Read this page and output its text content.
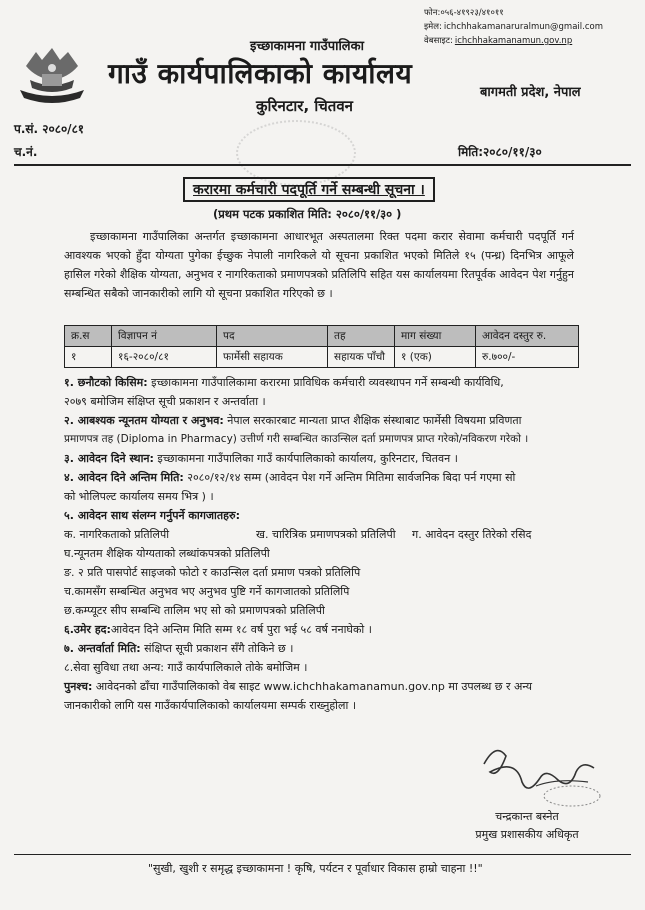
फोन:०५६-४१९२३/४१०११
इमेल: ichchhakamanaruralmun@gmail.com
वेबसाइट: ichchhakamanamun.gov.np
इच्छाकामना गाउँपालिका
गाउँ कार्यपालिकाको कार्यालय
कुरिनटार, चितवन
बागमती प्रदेश, नेपाल
प.सं. २०८०/८१
च.नं.	मिति:२०८०/११/३०
करारमा कर्मचारी पदपूर्ति गर्ने सम्बन्धी सूचना ।
(प्रथम पटक प्रकाशित मिति: २०८०/११/३० )
इच्छाकामना गाउँपालिका अन्तर्गत इच्छाकामना आधारभूत अस्पतालमा रिक्त पदमा करार सेवामा कर्मचारी पदपूर्ति गर्न आवश्यक भएको हुँदा योग्यता पुगेका ईच्छुक नेपाली नागरिकले यो सूचना प्रकाशित भएको मितिले १५ (पन्ध्र) दिनभित्र आफूले हासिल गरेको शैक्षिक योग्यता, अनुभव र नागरिकताको प्रमाणपत्रको प्रतिलिपि सहित यस कार्यालयमा रितपूर्वक आवेदन पेश गर्नुहुन सम्बन्धित सबैको जानकारीको लागि यो सूचना प्रकाशित गरिएको छ ।
क्र.स	विज्ञापन नं	पद	तह	माग संख्या	आवेदन दस्तुर रु.
१	१६-२०८०/८१	फार्मेसी सहायक	सहायक पाँचौ	१ (एक)	रु.७००/-
१. छनौटको किसिम: इच्छाकामना गाउँपालिकामा करारमा प्राविधिक कर्मचारी व्यवस्थापन गर्ने सम्बन्धी कार्यविधि,
२०७९ बमोजिम संक्षिप्त सूची प्रकाशन र अन्तर्वाता ।
२. आबश्यक न्यूनतम योग्यता र अनुभव: नेपाल सरकारबाट मान्यता प्राप्त शैक्षिक संस्थाबाट फार्मेसी विषयमा प्रविणता
प्रमाणपत्र तह (Diploma in Pharmacy) उत्तीर्ण गरी सम्बन्धित काउन्सिल दर्ता प्रमाणपत्र प्राप्त गरेको/नविकरण गरेको ।
३. आवेदन दिने स्थान: इच्छाकामना गाउँपालिका गाउँ कार्यपालिकाको कार्यालय, कुरिनटार, चितवन ।
४. आवेदन दिने अन्तिम मिति: २०८०/१२/१४ सम्म (आवेदन पेश गर्ने अन्तिम मितिमा सार्वजनिक बिदा पर्न गएमा सो
को भोलिपल्ट कार्यालय समय भित्र ) ।
५. आवेदन साथ संलग्न गर्नुपर्ने कागजातहरु:
क. नागरिकताको प्रतिलिपी	ख. चारित्रिक प्रमाणपत्रको प्रतिलिपी ग. आवेदन दस्तुर तिरेको रसिद
घ.न्यूनतम शैक्षिक योग्यताको लब्धांकपत्रको प्रतिलिपी
ङ. २ प्रति पासपोर्ट साइजको फोटो र काउन्सिल दर्ता प्रमाण पत्रको प्रतिलिपि
च.कामसँग सम्बन्धित अनुभव भए अनुभव पुष्टि गर्ने कागजातको प्रतिलिपि
छ.कम्प्यूटर सीप सम्बन्धि तालिम भए सो को प्रमाणपत्रको प्रतिलिपी
६.उमेर हद:आवेदन दिने अन्तिम मिति सम्म १८ वर्ष पुरा भई ५८ वर्ष ननाघेको ।
७. अन्तर्वार्ता मिति: संक्षिप्त सूची प्रकाशन सँगै तोकिने छ ।
८.सेवा सुविधा तथा अन्य: गाउँ कार्यपालिकाले तोके बमोजिम ।
पुनश्च: आवेदनको ढाँचा गाउँपालिकाको वेब साइट www.ichchhakamanamun.gov.np मा उपलब्ध छ र अन्य
जानकारीको लागि यस गाउँकार्यपालिकाको कार्यालयमा सम्पर्क राख्नुहोला ।
चन्द्रकान्त बस्नेत
प्रमुख प्रशासकीय अधिकृत
"सुखी, खुशी र समृद्ध इच्छाकामना ! कृषि, पर्यटन र पूर्वाधार विकास हाम्रो चाहना !!"
